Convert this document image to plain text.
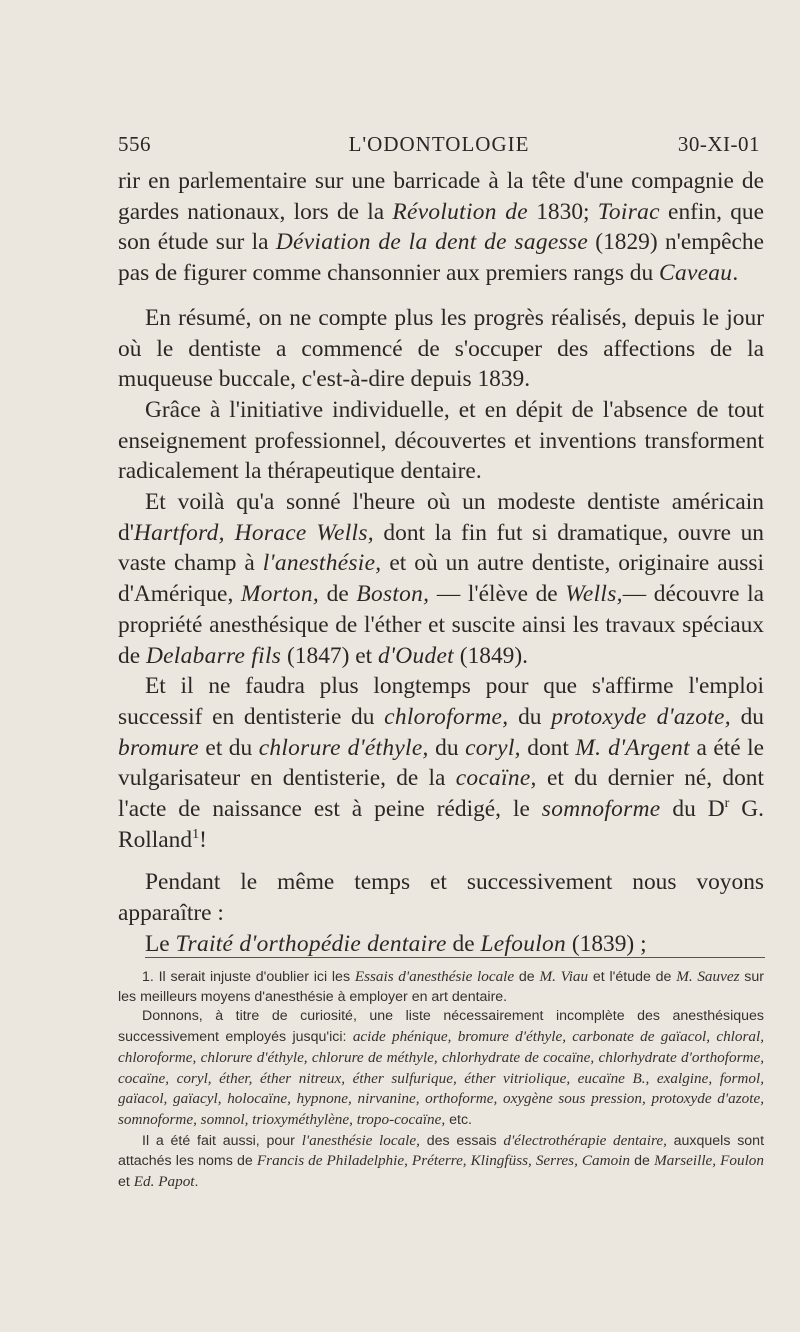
556	L'ODONTOLOGIE	30-XI-01

rir en parlementaire sur une barricade à la tête d'une compagnie de gardes nationaux, lors de la Révolution de 1830; Toirac enfin, que son étude sur la Déviation de la dent de sagesse (1829) n'empêche pas de figurer comme chansonnier aux premiers rangs du Caveau.

En résumé, on ne compte plus les progrès réalisés, depuis le jour où le dentiste a commencé de s'occuper des affections de la muqueuse buccale, c'est-à-dire depuis 1839.

Grâce à l'initiative individuelle, et en dépit de l'absence de tout enseignement professionnel, découvertes et inventions transforment radicalement la thérapeutique dentaire.

Et voilà qu'a sonné l'heure où un modeste dentiste américain d'Hartford, Horace Wells, dont la fin fut si dramatique, ouvre un vaste champ à l'anesthésie, et où un autre dentiste, originaire aussi d'Amérique, Morton, de Boston, — l'élève de Wells,— découvre la propriété anesthésique de l'éther et suscite ainsi les travaux spéciaux de Delabarre fils (1847) et d'Oudet (1849).

Et il ne faudra plus longtemps pour que s'affirme l'emploi successif en dentisterie du chloroforme, du protoxyde d'azote, du bromure et du chlorure d'éthyle, du coryl, dont M. d'Argent a été le vulgarisateur en dentisterie, de la cocaïne, et du dernier né, dont l'acte de naissance est à peine rédigé, le somnoforme du $D^r$ G. Rolland$^1$!

Pendant le même temps et successivement nous voyons apparaître :

Le Traité d'orthopédie dentaire de Lefoulon (1839) ;

1. Il serait injuste d'oublier ici les Essais d'anesthésie locale de M. Viau et l'étude de M. Sauvez sur les meilleurs moyens d'anesthésie à employer en art dentaire.

Donnons, à titre de curiosité, une liste nécessairement incomplète des anesthésiques successivement employés jusqu'ici: acide phénique, bromure d'éthyle, carbonate de gaïacol, chloral, chloroforme, chlorure d'éthyle, chlorure de méthyle, chlorhydrate de cocaïne, chlorhydrate d'orthoforme, cocaïne, coryl, éther, éther nitreux, éther sulfurique, éther vitriolique, eucaïne B., exalgine, formol, gaïacol, gaïacyl, holocaïne, hypnone, nirvanine, orthoforme, oxygène sous pression, protoxyde d'azote, somnoforme, somnol, trioxyméthylène, tropo-cocaïne, etc.

Il a été fait aussi, pour l'anesthésie locale, des essais d'électrothérapie dentaire, auxquels sont attachés les noms de Francis de Philadelphie, Préterre, Klingfüss, Serres, Camoin de Marseille, Foulon et Ed. Papot.
